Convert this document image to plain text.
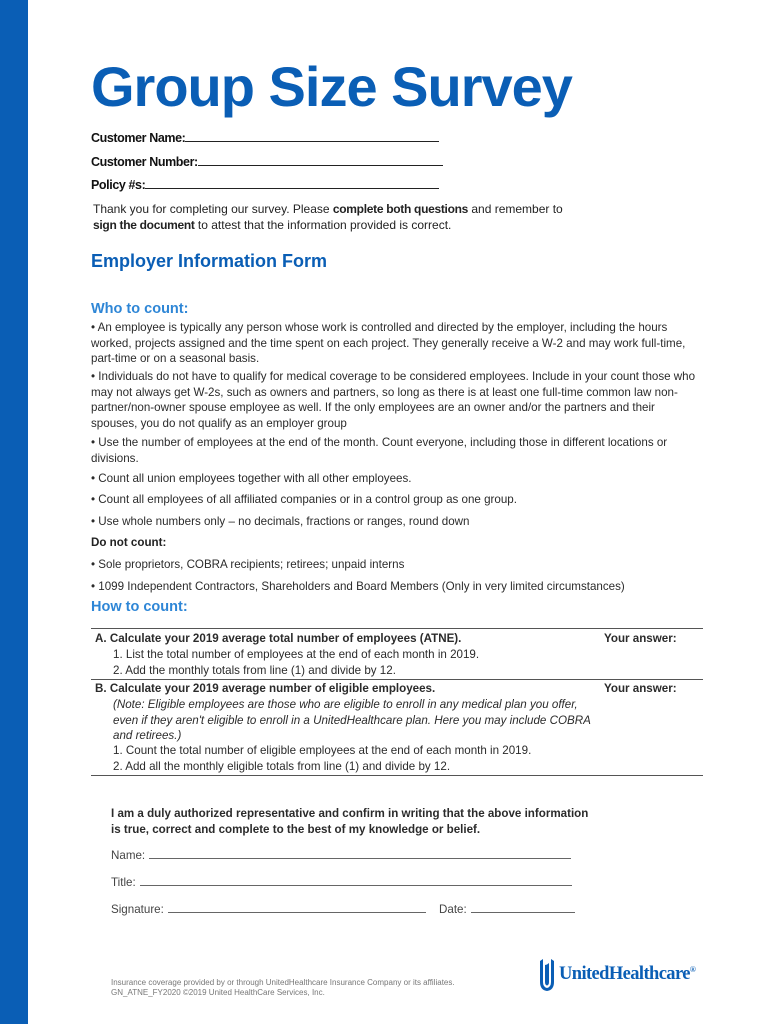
Group Size Survey
Customer Name:
Customer Number:
Policy #s:

Thank you for completing our survey. Please complete both questions and remember to
sign the document to attest that the information provided is correct.

Employer Information Form
Who to count:

• An employee is typically any person whose work is controlled and directed by the employer, including the hours worked, projects assigned and the time spent on each project. They generally receive a W-2 and may work full-time, part-time or on a seasonal basis.

• Individuals do not have to qualify for medical coverage to be considered employees. Include in your count those who may not always get W-2s, such as owners and partners, so long as there is at least one full-time common law non-partner/non-owner spouse employee as well. If the only employees are an owner and/or the partners and their spouses, you do not qualify as an employer group

• Use the number of employees at the end of the month. Count everyone, including those in different locations or divisions.

• Count all union employees together with all other employees.

• Count all employees of all affiliated companies or in a control group as one group.

• Use whole numbers only – no decimals, fractions or ranges, round down

Do not count:

• Sole proprietors, COBRA recipients; retirees; unpaid interns

• 1099 Independent Contractors, Shareholders and Board Members (Only in very limited circumstances)

How to count:
A. Calculate your 2019 average total number of employees (ATNE).	Your answer:
1. List the total number of employees at the end of each month in 2019.
2. Add the monthly totals from line (1) and divide by 12.
B. Calculate your 2019 average number of eligible employees.	Your answer:

(Note: Eligible employees are those who are eligible to enroll in any medical plan you offer, even if they aren't eligible to enroll in a UnitedHealthcare plan. Here you may include COBRA and retirees.)

1. Count the total number of eligible employees at the end of each month in 2019.
2. Add all the monthly eligible totals from line (1) and divide by 12.

I am a duly authorized representative and confirm in writing that the above information is true, correct and complete to the best of my knowledge or belief.

Name:
Title:
Signature:	Date:
Insurance coverage provided by or through UnitedHealthcare Insurance Company or its affiliates.
GN_ATNE_FY2020 ©2019 United HealthCare Services, Inc.
UnitedHealthcare®
